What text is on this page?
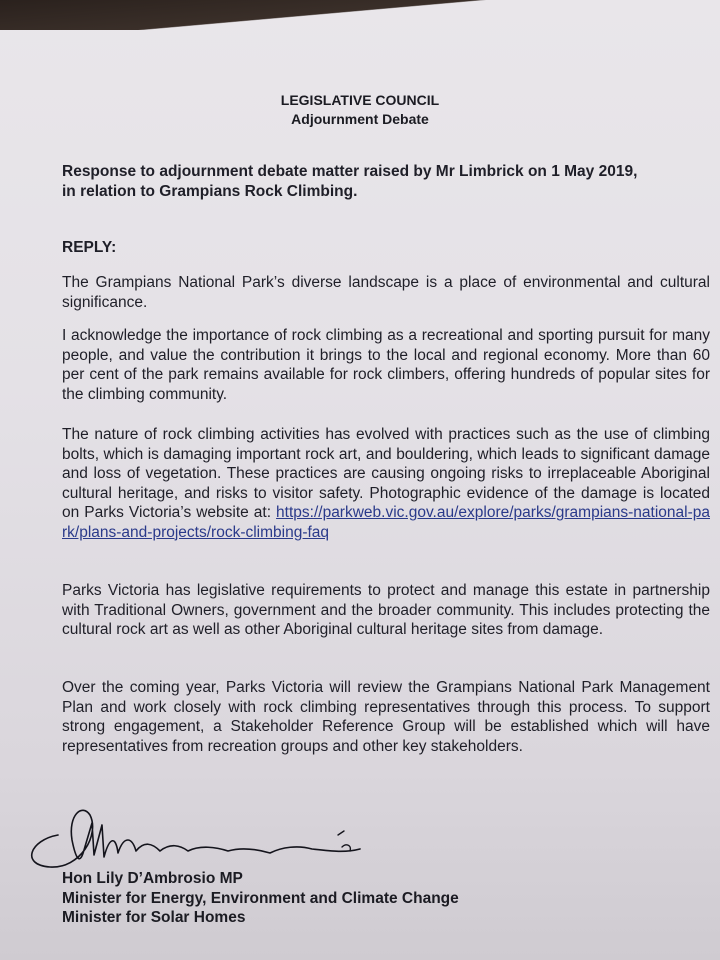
LEGISLATIVE COUNCIL
Adjournment Debate
Response to adjournment debate matter raised by Mr Limbrick on 1 May 2019,
in relation to Grampians Rock Climbing.
REPLY:
The Grampians National Park’s diverse landscape is a place of environmental and cultural significance.
I acknowledge the importance of rock climbing as a recreational and sporting pursuit for many people, and value the contribution it brings to the local and regional economy. More than 60 per cent of the park remains available for rock climbers, offering hundreds of popular sites for the climbing community.
The nature of rock climbing activities has evolved with practices such as the use of climbing bolts, which is damaging important rock art, and bouldering, which leads to significant damage and loss of vegetation. These practices are causing ongoing risks to irreplaceable Aboriginal cultural heritage, and risks to visitor safety. Photographic evidence of the damage is located on Parks Victoria’s website at: https://parkweb.vic.gov.au/explore/parks/grampians-national-park/plans-and-projects/rock-climbing-faq
Parks Victoria has legislative requirements to protect and manage this estate in partnership with Traditional Owners, government and the broader community. This includes protecting the cultural rock art as well as other Aboriginal cultural heritage sites from damage.
Over the coming year, Parks Victoria will review the Grampians National Park Management Plan and work closely with rock climbing representatives through this process. To support strong engagement, a Stakeholder Reference Group will be established which will have representatives from recreation groups and other key stakeholders.
Hon Lily D’Ambrosio MP
Minister for Energy, Environment and Climate Change
Minister for Solar Homes
